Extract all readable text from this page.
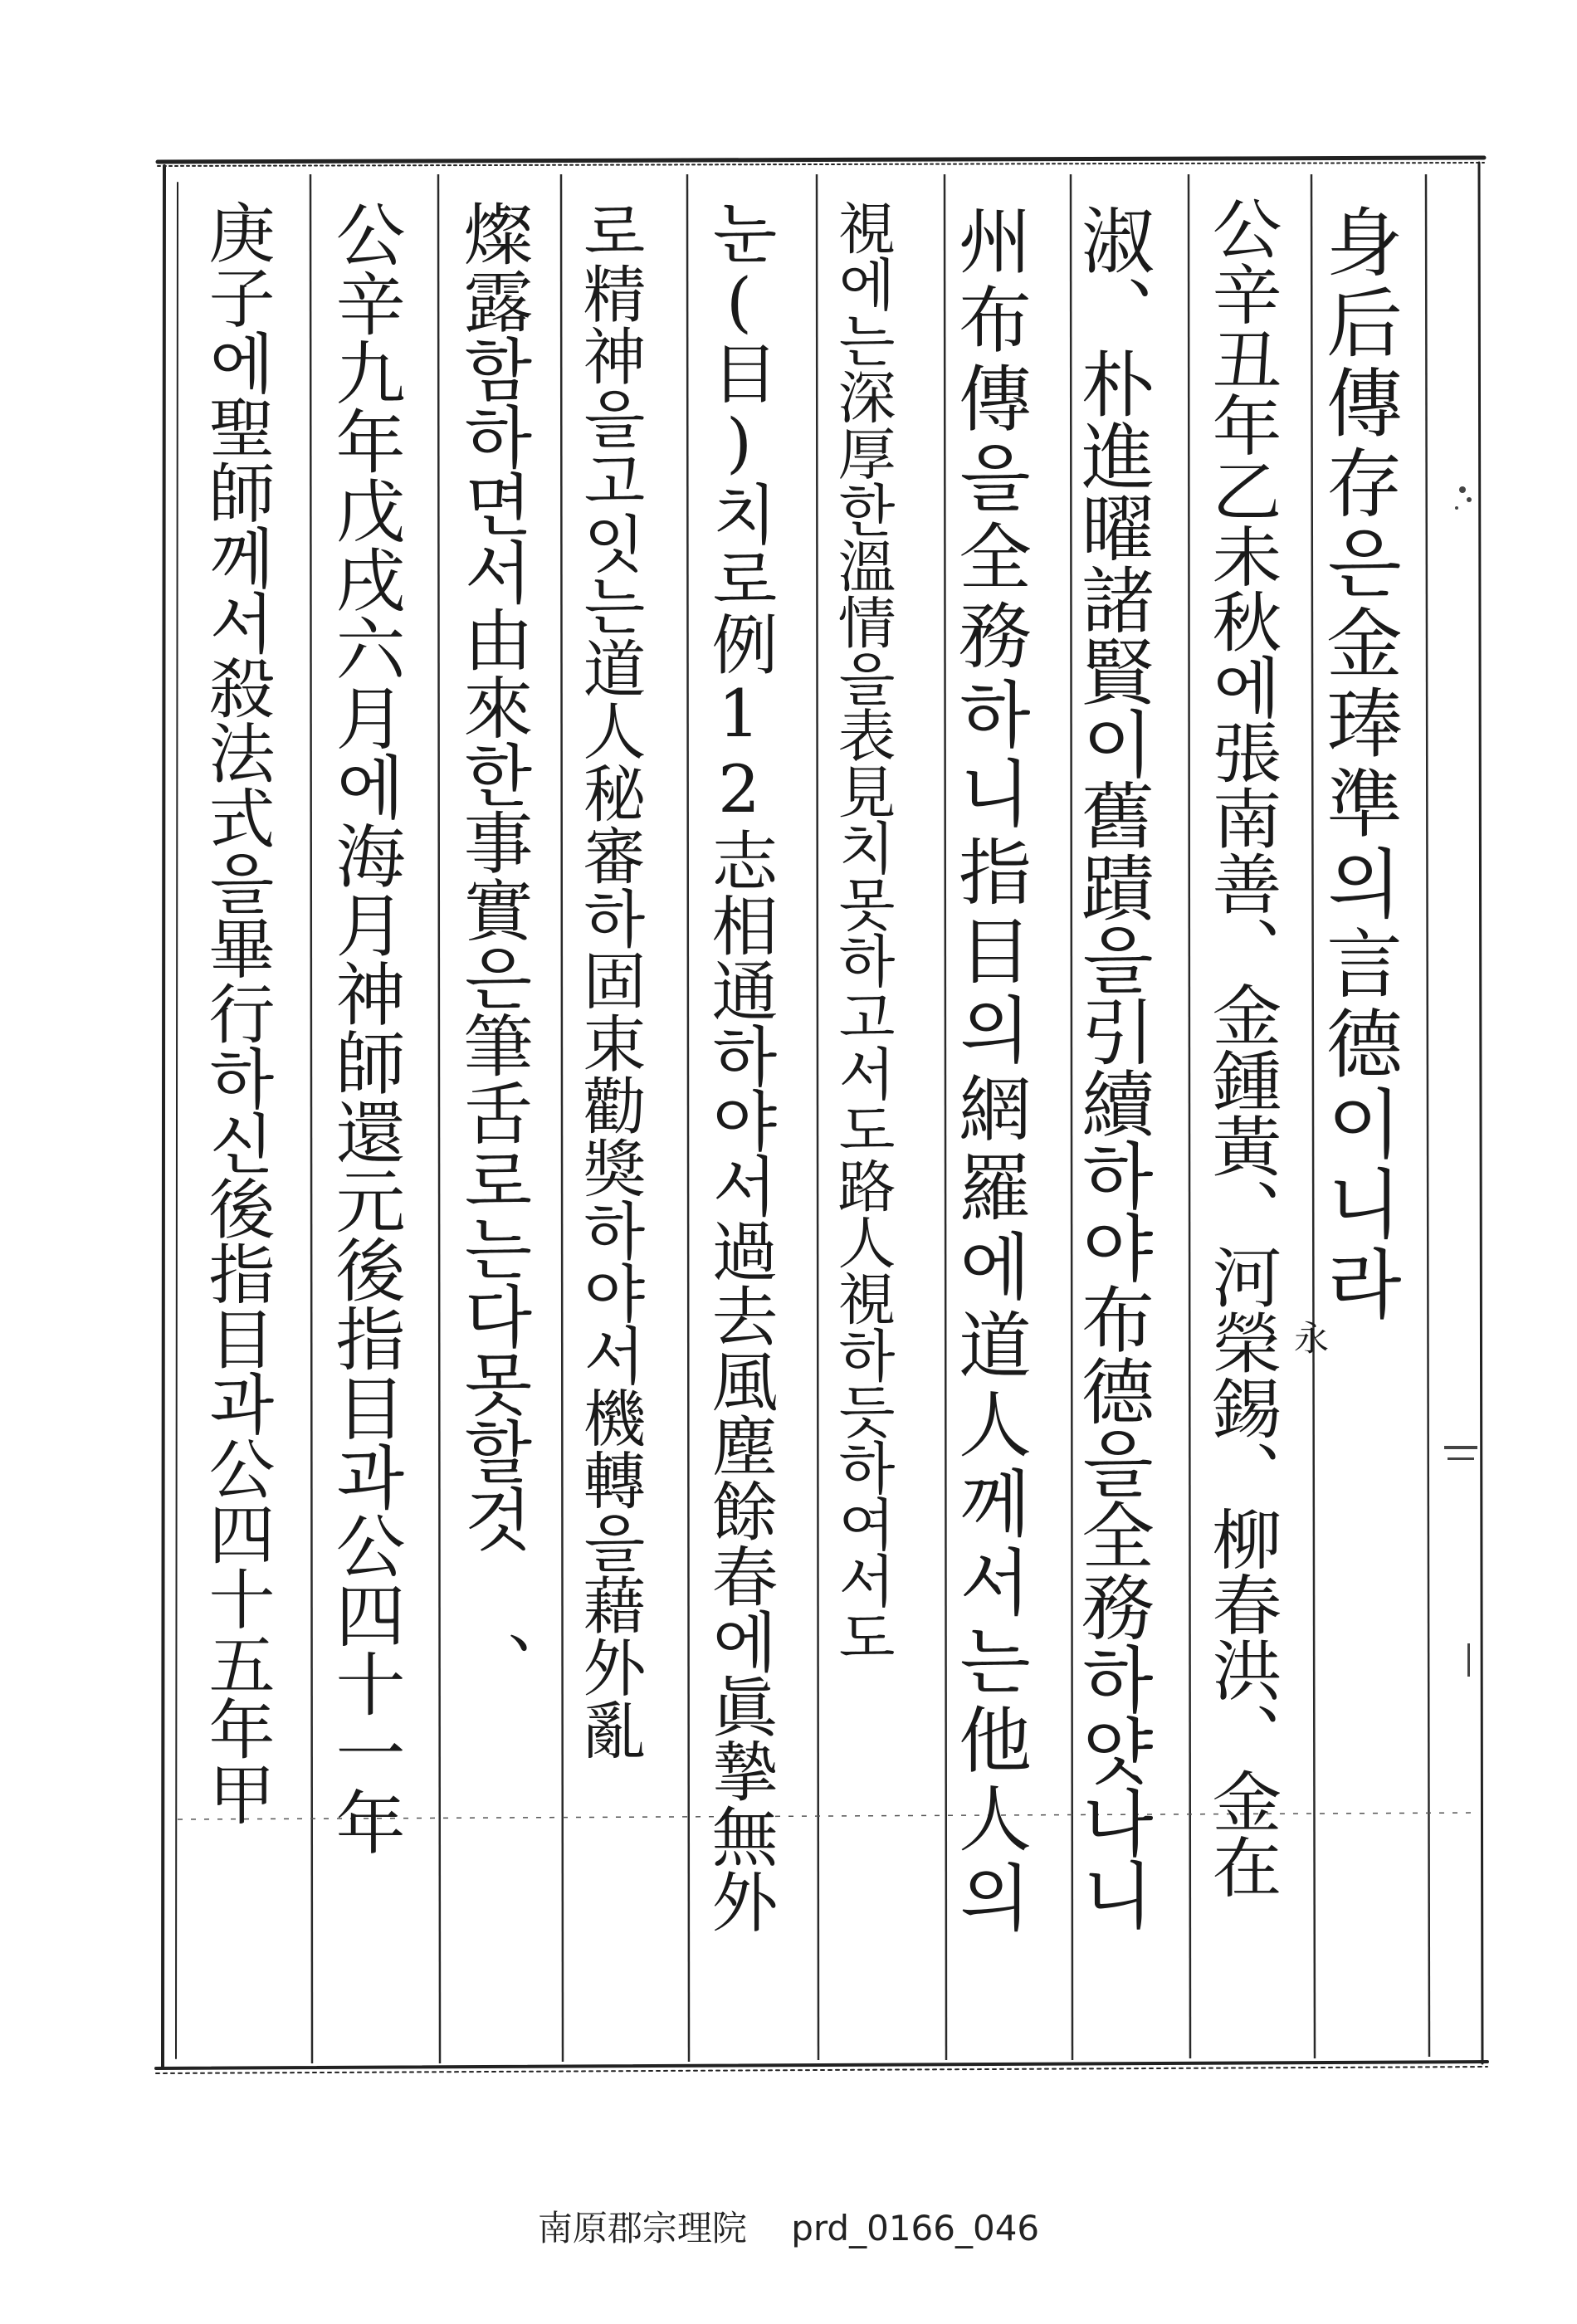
身后傳存은金琫準의言德이니라
公辛丑年乙未秋에張南善、金鍾黃、河榮錫、柳春洪、金在
淑、朴進曜諸賢이舊蹟을引續하야布德을全務하얏나니
州布傳을全務하니指目의網羅에道人께서는他人의
視에는深厚한溫情을表見치못하고서도路人視하듯하여서도
눈(目)치로例12志相通하야서過去風塵餘春에眞摯無外
로精神을고잇는道人秘審하固束勸獎하야서機轉을藉外亂
燦露함하면서由來한事實은筆舌로는다못할것 、
公辛九年戊戌六月에海月神師還元後指目과公四十一年
庚子에聖師께서殺法式을畢行하신後指目과公四十五年甲	永
南原郡宗理院    prd_0166_046
